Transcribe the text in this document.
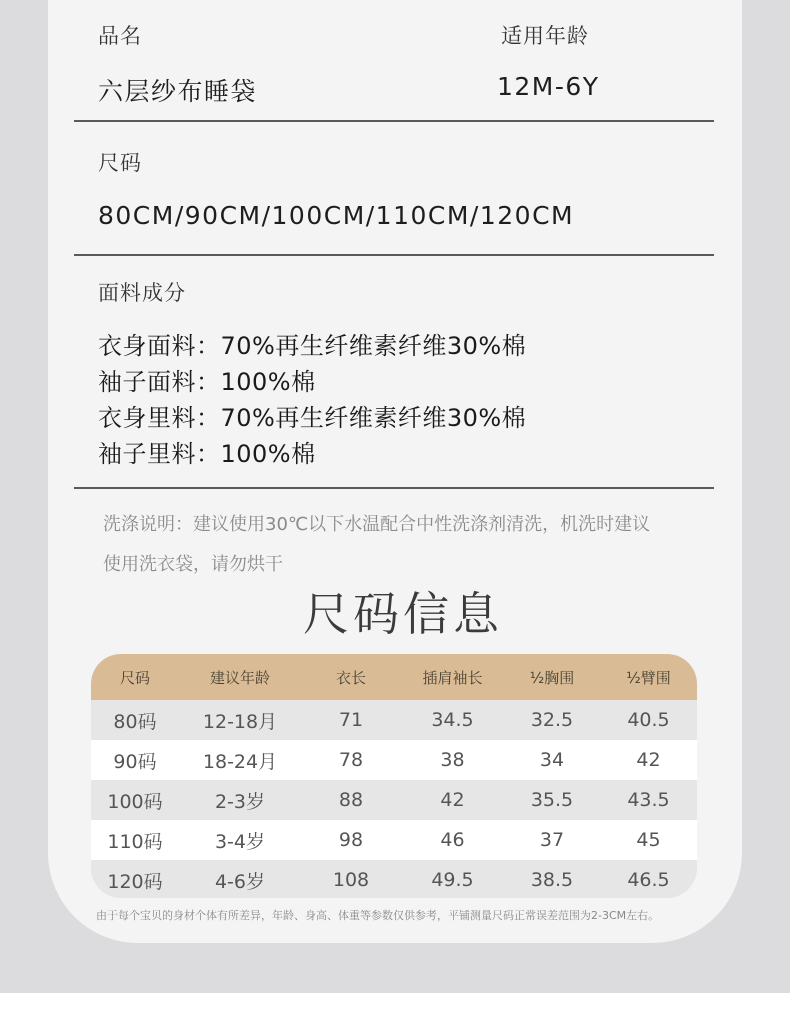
品名	适用年龄
六层纱布睡袋	12M-6Y
尺码
80CM/90CM/100CM/110CM/120CM
面料成分
衣身面料：70%再生纤维素纤维30%棉
袖子面料：100%棉
衣身里料：70%再生纤维素纤维30%棉
袖子里料：100%棉
洗涤说明：建议使用30℃以下水温配合中性洗涤剂清洗，机洗时建议
使用洗衣袋，请勿烘干
尺码信息
尺码	建议年龄	衣长	插肩袖长	½胸围	½臂围
80码	12-18月	71	34.5	32.5	40.5
90码	18-24月	78	38	34	42
100码	2-3岁	88	42	35.5	43.5
110码	3-4岁	98	46	37	45
120码	4-6岁	108	49.5	38.5	46.5
由于每个宝贝的身材个体有所差异，年龄、身高、体重等参数仅供参考，平铺测量尺码正常误差范围为2-3CM左右。
